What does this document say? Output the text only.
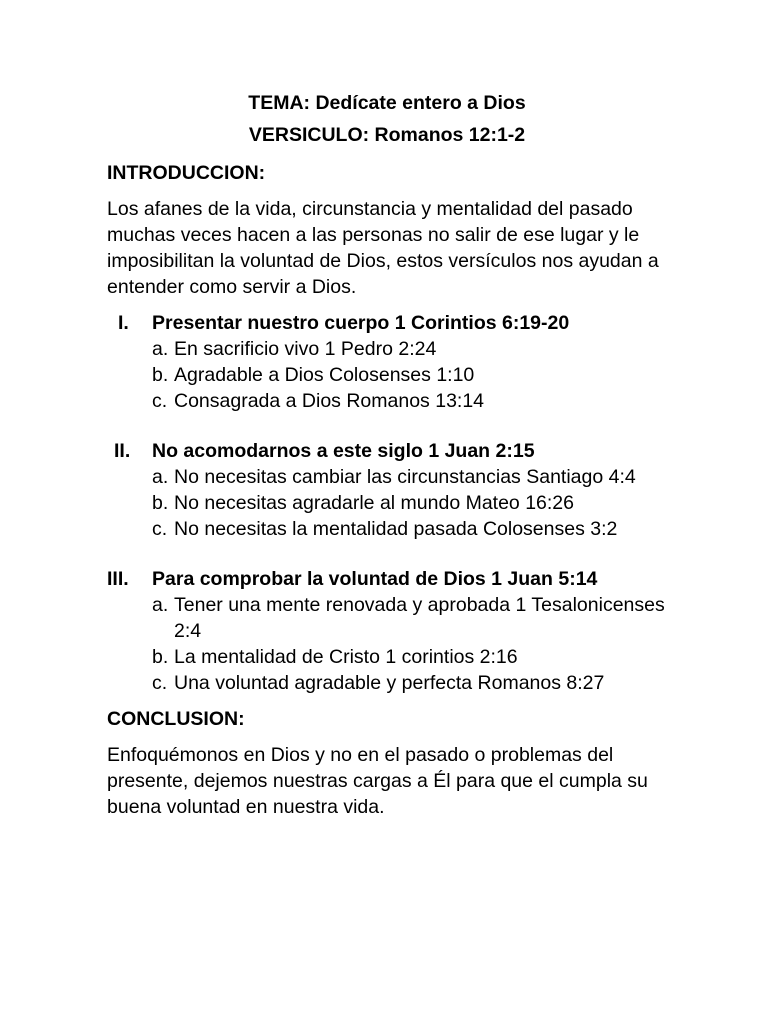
TEMA: Dedícate entero a Dios

VERSICULO: Romanos 12:1-2

INTRODUCCION:

Los afanes de la vida, circunstancia y mentalidad del pasado muchas veces hacen a las personas no salir de ese lugar y le imposibilitan la voluntad de Dios, estos versículos nos ayudan a entender como servir a Dios.

I. Presentar nuestro cuerpo 1 Corintios 6:19-20
a. En sacrificio vivo 1 Pedro 2:24
b. Agradable a Dios Colosenses 1:10
c. Consagrada a Dios Romanos 13:14
II. No acomodarnos a este siglo 1 Juan 2:15
a. No necesitas cambiar las circunstancias Santiago 4:4
b. No necesitas agradarle al mundo Mateo 16:26
c. No necesitas la mentalidad pasada Colosenses 3:2
III. Para comprobar la voluntad de Dios 1 Juan 5:14
a. Tener una mente renovada y aprobada 1 Tesalonicenses 2:4
b. La mentalidad de Cristo 1 corintios 2:16
c. Una voluntad agradable y perfecta Romanos 8:27

CONCLUSION:

Enfoquémonos en Dios y no en el pasado o problemas del presente, dejemos nuestras cargas a Él para que el cumpla su buena voluntad en nuestra vida.
